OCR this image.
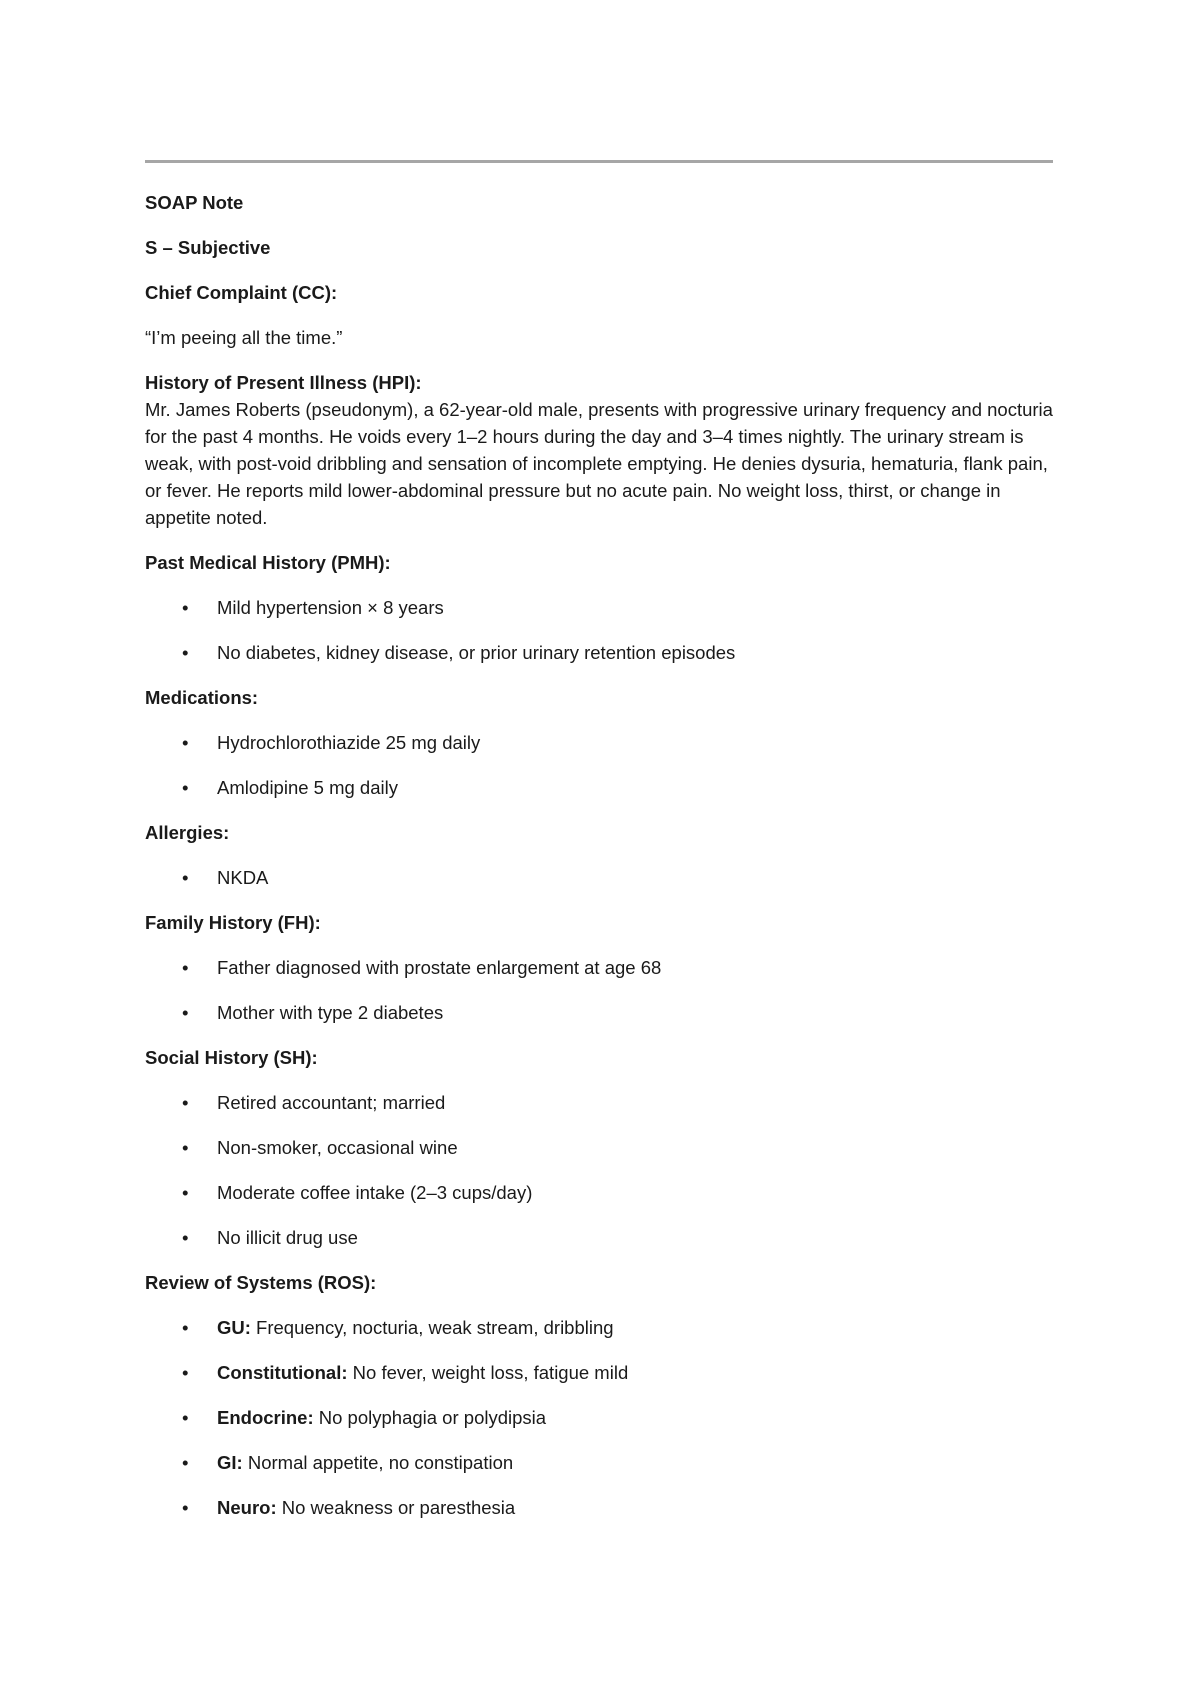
SOAP Note
S – Subjective
Chief Complaint (CC):
“I’m peeing all the time.”
History of Present Illness (HPI):
Mr. James Roberts (pseudonym), a 62-year-old male, presents with progressive urinary frequency and nocturia for the past 4 months. He voids every 1–2 hours during the day and 3–4 times nightly. The urinary stream is weak, with post-void dribbling and sensation of incomplete emptying. He denies dysuria, hematuria, flank pain, or fever. He reports mild lower-abdominal pressure but no acute pain. No weight loss, thirst, or change in appetite noted.
Past Medical History (PMH):
• Mild hypertension × 8 years
• No diabetes, kidney disease, or prior urinary retention episodes
Medications:
• Hydrochlorothiazide 25 mg daily
• Amlodipine 5 mg daily
Allergies:
• NKDA
Family History (FH):
• Father diagnosed with prostate enlargement at age 68
• Mother with type 2 diabetes
Social History (SH):
• Retired accountant; married
• Non-smoker, occasional wine
• Moderate coffee intake (2–3 cups/day)
• No illicit drug use
Review of Systems (ROS):
• GU: Frequency, nocturia, weak stream, dribbling
• Constitutional: No fever, weight loss, fatigue mild
• Endocrine: No polyphagia or polydipsia
• GI: Normal appetite, no constipation
• Neuro: No weakness or paresthesia
